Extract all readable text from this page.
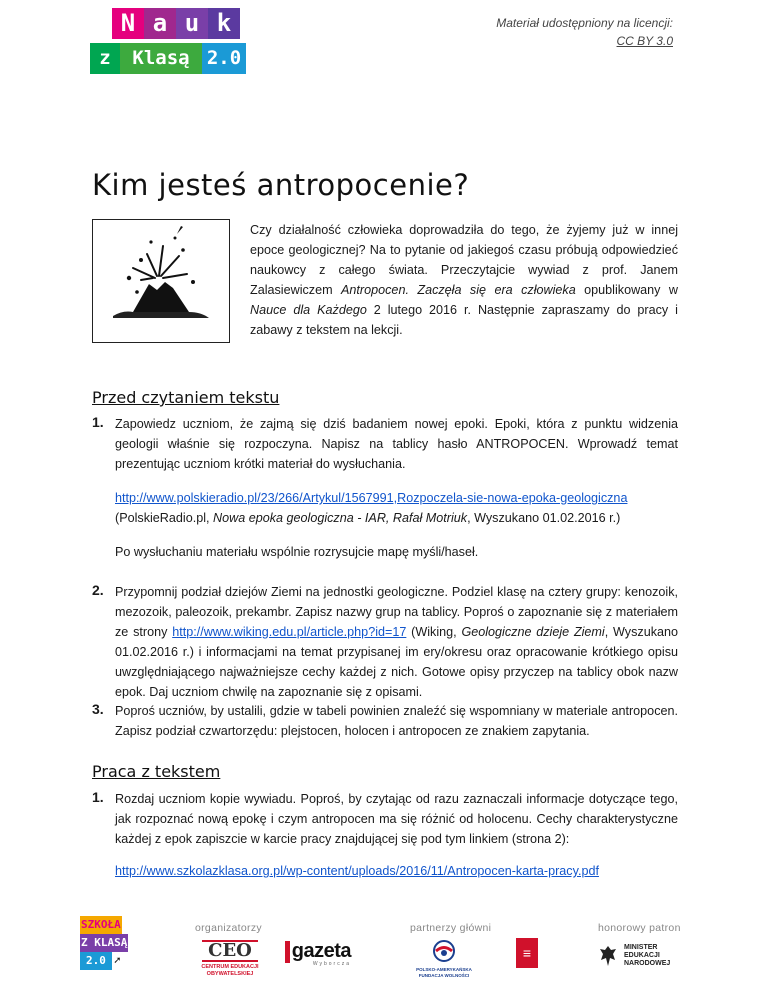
N a u k
z	Klasą 2.0
Materiał udostępniony na licencji:
CC BY 3.0
Kim jesteś antropocenie?

Czy działalność człowieka doprowadziła do tego, że żyjemy już w innej epoce geologicznej? Na to pytanie od jakiegoś czasu próbują odpowiedzieć naukowcy z całego świata. Przeczytajcie wywiad z prof. Janem Zalasiewiczem Antropocen. Zaczęła się era człowieka opublikowany w Nauce dla Każdego 2 lutego 2016 r. Następnie zapraszamy do pracy i zabawy z tekstem na lekcji.

Przed czytaniem tekstu
1. Zapowiedz uczniom, że zajmą się dziś badaniem nowej epoki. Epoki, która z punktu widzenia geologii właśnie się rozpoczyna. Napisz na tablicy hasło ANTROPOCEN. Wprowadź temat prezentując uczniom krótki materiał do wysłuchania.

http://www.polskieradio.pl/23/266/Artykul/1567991,Rozpoczela-sie-nowa-epoka-geologiczna
(PolskieRadio.pl, Nowa epoka geologiczna - IAR, Rafał Motriuk, Wyszukano 01.02.2016 r.)

Po wysłuchaniu materiału wspólnie rozrysujcie mapę myśli/haseł.

2. Przypomnij podział dziejów Ziemi na jednostki geologiczne. Podziel klasę na cztery grupy: kenozoik, mezozoik, paleozoik, prekambr. Zapisz nazwy grup na tablicy. Poproś o zapoznanie się z materiałem ze strony http://www.wiking.edu.pl/article.php?id=17 (Wiking, Geologiczne dzieje Ziemi, Wyszukano 01.02.2016 r.) i informacjami na temat przypisanej im ery/okresu oraz opracowanie krótkiego opisu uwzględniającego najważniejsze cechy każdej z nich. Gotowe opisy przyczep na tablicy obok nazw epok. Daj uczniom chwilę na zapoznanie się z opisami.

3. Poproś uczniów, by ustalili, gdzie w tabeli powinien znaleźć się wspomniany w materiale antropocen. Zapisz podział czwartorzędu: plejstocen, holocen i antropocen ze znakiem zapytania.

Praca z tekstem
1. Rozdaj uczniom kopie wywiadu. Poproś, by czytając od razu zaznaczali informacje dotyczące tego, jak rozpoznać nową epokę i czym antropocen ma się różnić od holocenu. Cechy charakterystyczne każdej z epok zapiszcie w karcie pracy znajdującej się pod tym linkiem (strona 2):

http://www.szkolazklasa.org.pl/wp-content/uploads/2016/11/Antropocen-karta-pracy.pdf

SZKOŁA
Z KLASĄ
2.0 ➚
organizatorzy
CEO
CENTRUM EDUKACJI
OBYWATELSKIEJ
gazeta
Wyborcza
partnerzy główni
POLSKO-AMERYKAŃSKA
FUNDACJA WOLNOŚCI
≡
honorowy patron
MINISTER
EDUKACJI
NARODOWEJ
